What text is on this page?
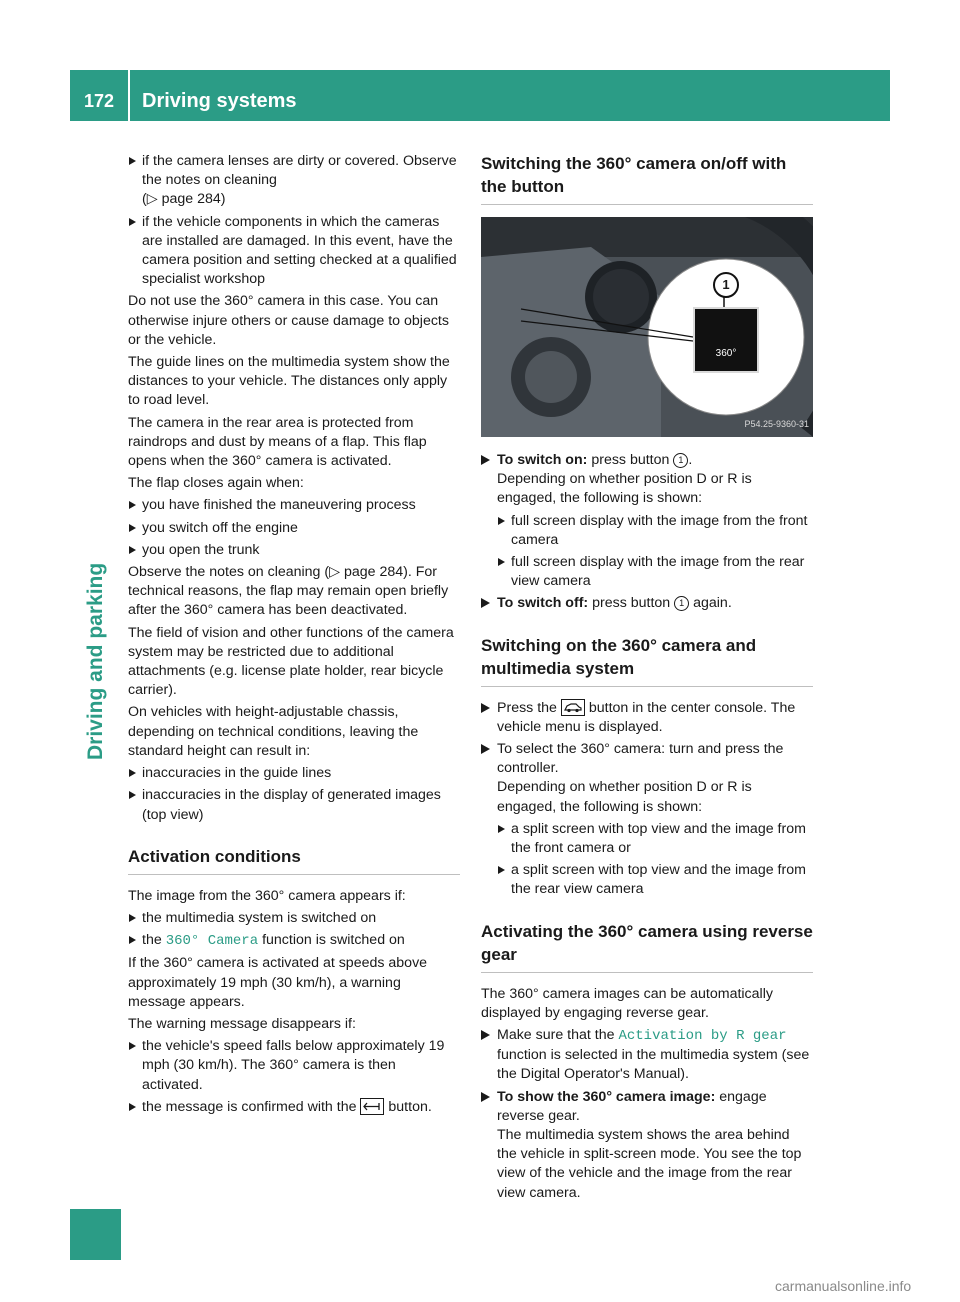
172	Driving systems
Driving and parking
if the camera lenses are dirty or covered. Observe the notes on cleaning
(▷ page 284)
if the vehicle components in which the cameras are installed are damaged. In this event, have the camera position and setting checked at a qualified specialist workshop

Do not use the 360° camera in this case. You can otherwise injure others or cause damage to objects or the vehicle.

The guide lines on the multimedia system show the distances to your vehicle. The distances only apply to road level.

The camera in the rear area is protected from raindrops and dust by means of a flap. This flap opens when the 360° camera is activated.

The flap closes again when:

you have finished the maneuvering process
you switch off the engine
you open the trunk

Observe the notes on cleaning (▷ page 284). For technical reasons, the flap may remain open briefly after the 360° camera has been deactivated.

The field of vision and other functions of the camera system may be restricted due to additional attachments (e.g. license plate holder, rear bicycle carrier).

On vehicles with height-adjustable chassis, depending on technical conditions, leaving the standard height can result in:

inaccuracies in the guide lines
inaccuracies in the display of generated images (top view)
Activation conditions

The image from the 360° camera appears if:

the multimedia system is switched on
the 360° Camera function is switched on

If the 360° camera is activated at speeds above approximately 19 mph (30 km/h), a warning message appears.

The warning message disappears if:

the vehicle's speed falls below approximately 19 mph (30 km/h). The 360° camera is then activated.
the message is confirmed with the button.
Switching the 360° camera on/off with the button
1
360°
P54.25-9360-31
To switch on: press button 1 .
Depending on whether position D or R is engaged, the following is shown:
full screen display with the image from the front camera
full screen display with the image from the rear view camera
To switch off: press button 1 again.
Switching on the 360° camera and multimedia system
Press the button in the center console. The vehicle menu is displayed.
To select the 360° camera: turn and press the controller.
Depending on whether position D or R is engaged, the following is shown:
a split screen with top view and the image from the front camera or
a split screen with top view and the image from the rear view camera
Activating the 360° camera using reverse gear

The 360° camera images can be automatically displayed by engaging reverse gear.

Make sure that the Activation by R gear function is selected in the multimedia system (see the Digital Operator's Manual).
To show the 360° camera image: engage reverse gear.
The multimedia system shows the area behind the vehicle in split-screen mode. You see the top view of the vehicle and the image from the rear view camera.
carmanualsonline.info
